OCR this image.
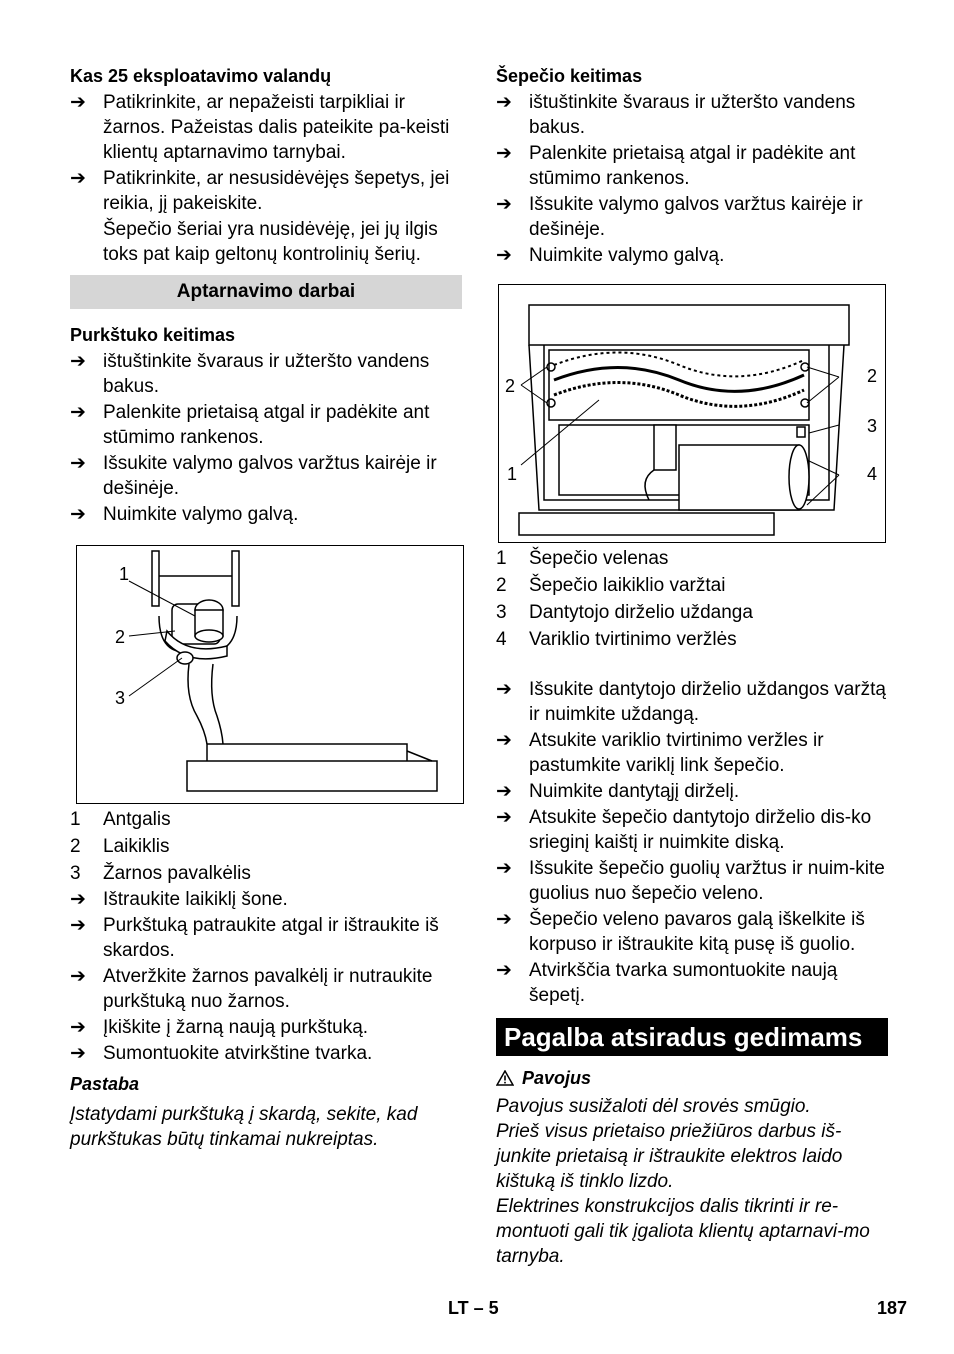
Kas 25 eksploatavimo valandų
➔ Patikrinkite, ar nepažeisti tarpikliai ir žarnos. Pažeistas dalis pateikite pa-keisti klientų aptarnavimo tarnybai.
➔ Patikrinkite, ar nesusidėvėjęs šepetys, jei reikia, jį pakeiskite.
Šepečio šeriai yra nusidėvėję, jei jų ilgis toks pat kaip geltonų kontrolinių šerių.
Aptarnavimo darbai
Purkštuko keitimas
➔ ištuštinkite švaraus ir užteršto vandens bakus.
➔ Palenkite prietaisą atgal ir padėkite ant stūmimo rankenos.
➔ Išsukite valymo galvos varžtus kairėje ir dešinėje.
➔ Nuimkite valymo galvą.
1
2
3
1 Antgalis
2 Laikiklis
3 Žarnos pavalkėlis
➔ Ištraukite laikiklį šone.
➔ Purkštuką patraukite atgal ir ištraukite iš skardos.
➔ Atveržkite žarnos pavalkėlį ir nutraukite purkštuką nuo žarnos.
➔ Įkiškite į žarną naują purkštuką.
➔ Sumontuokite atvirkštine tvarka.
Pastaba
Įstatydami purkštuką į skardą, sekite, kad purkštukas būtų tinkamai nukreiptas.
Šepečio keitimas
➔ ištuštinkite švaraus ir užteršto vandens bakus.
➔ Palenkite prietaisą atgal ir padėkite ant stūmimo rankenos.
➔ Išsukite valymo galvos varžtus kairėje ir dešinėje.
➔ Nuimkite valymo galvą.
2
1
2
3
4
1 Šepečio velenas
2 Šepečio laikiklio varžtai
3 Dantytojo dirželio uždanga
4 Variklio tvirtinimo veržlės
➔ Išsukite dantytojo dirželio uždangos varžtą ir nuimkite uždangą.
➔ Atsukite variklio tvirtinimo veržles ir pastumkite variklį link šepečio.
➔ Nuimkite dantytąjį dirželį.
➔ Atsukite šepečio dantytojo dirželio dis-ko srieginį kaištį ir nuimkite diską.
➔ Išsukite šepečio guolių varžtus ir nuim-kite guolius nuo šepečio veleno.
➔ Šepečio veleno pavaros galą iškelkite iš korpuso ir ištraukite kitą pusę iš guolio.
➔ Atvirkščia tvarka sumontuokite naują šepetį.
Pagalba atsiradus gedimams
Pavojus
Pavojus susižaloti dėl srovės smūgio.
Prieš visus prietaiso priežiūros darbus iš-junkite prietaisą ir ištraukite elektros laido kištuką iš tinklo lizdo.
Elektrines konstrukcijos dalis tikrinti ir re-montuoti gali tik įgaliota klientų aptarnavi-mo tarnyba.
LT – 5	187
